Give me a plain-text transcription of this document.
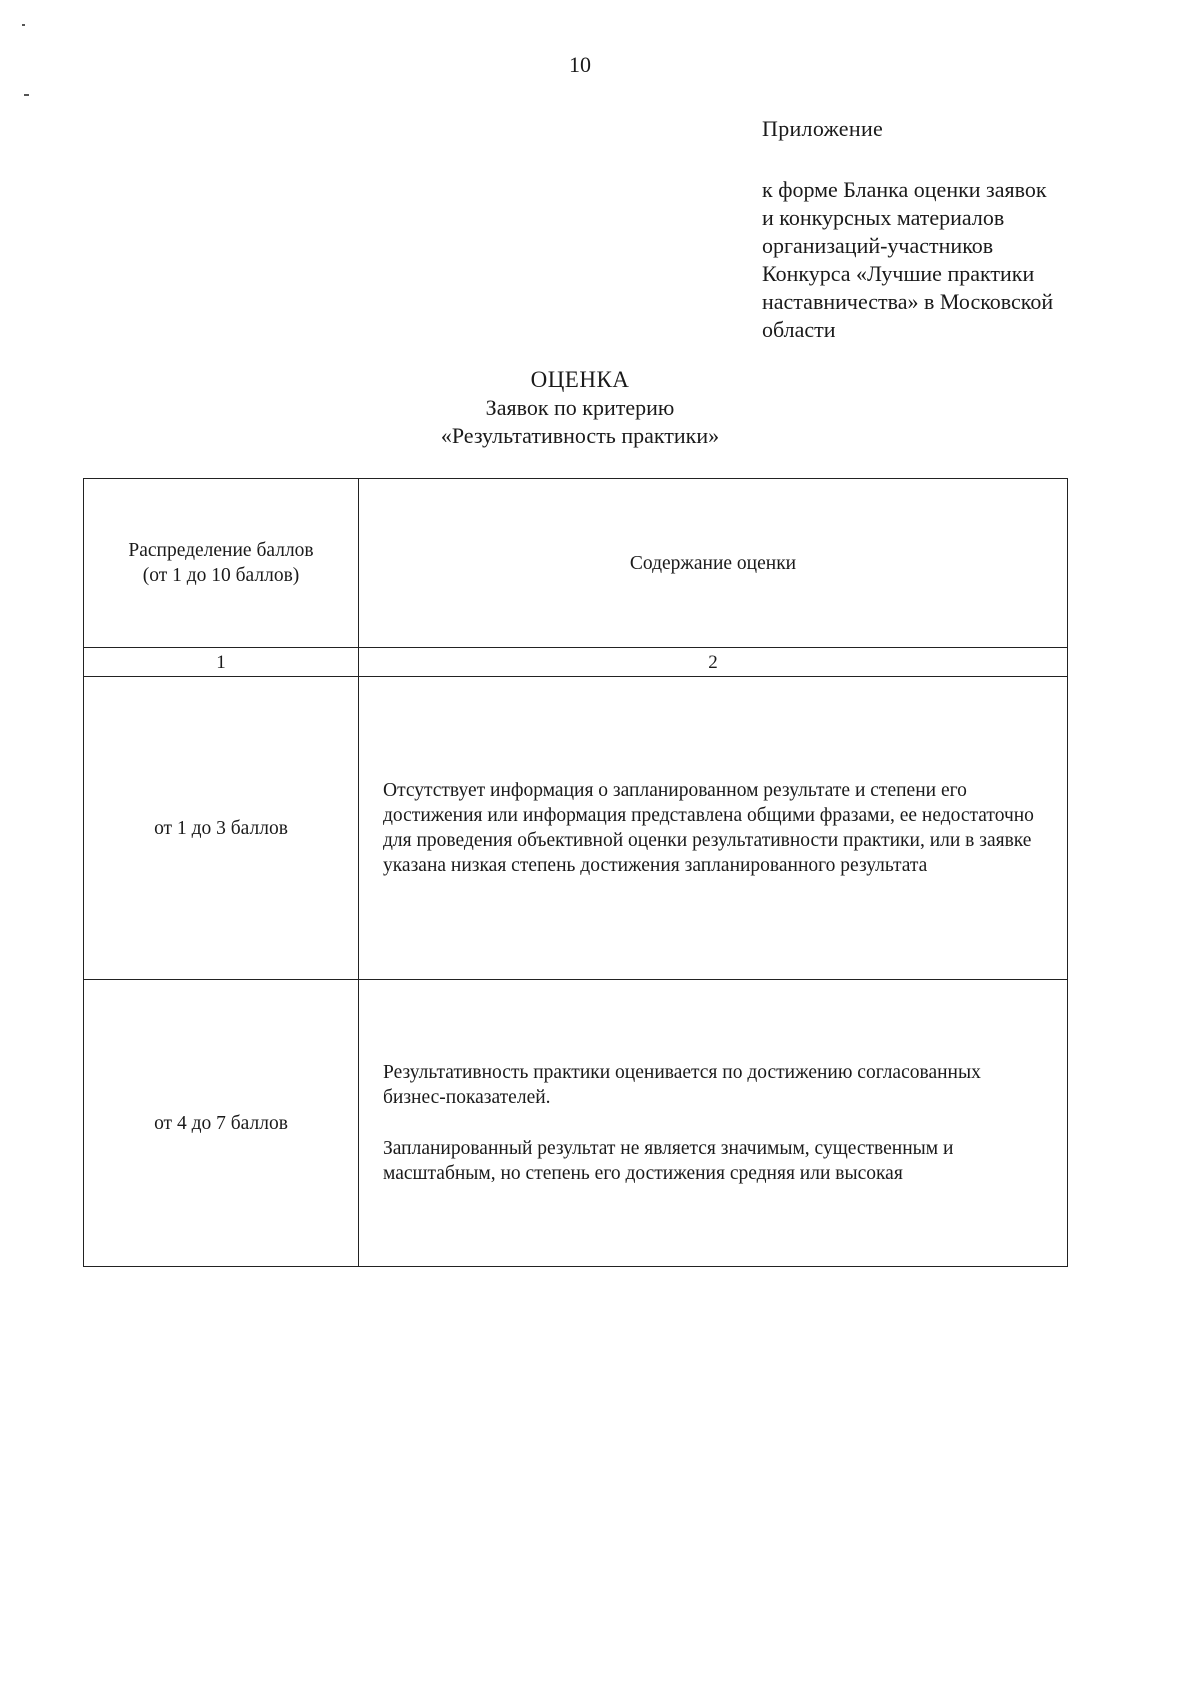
10
Приложение
к форме Бланка оценки заявок
и конкурсных материалов
организаций-участников
Конкурса «Лучшие практики
наставничества» в Московской
области
ОЦЕНКА
Заявок по критерию
«Результативность практики»
Распределение баллов (от 1 до 10 баллов)	Содержание оценки
1	2
от 1 до 3 баллов	Отсутствует информация о запланированном результате и степени его достижения или информация представлена общими фразами, ее недостаточно для проведения объективной оценки результативности практики, или в заявке указана низкая степень достижения запланированного результата

от 4 до 7 баллов	Результативность практики оценивается по достижению согласованных бизнес-показателей.
Запланированный результат не является значимым, существенным и масштабным, но степень его достижения средняя или высокая
